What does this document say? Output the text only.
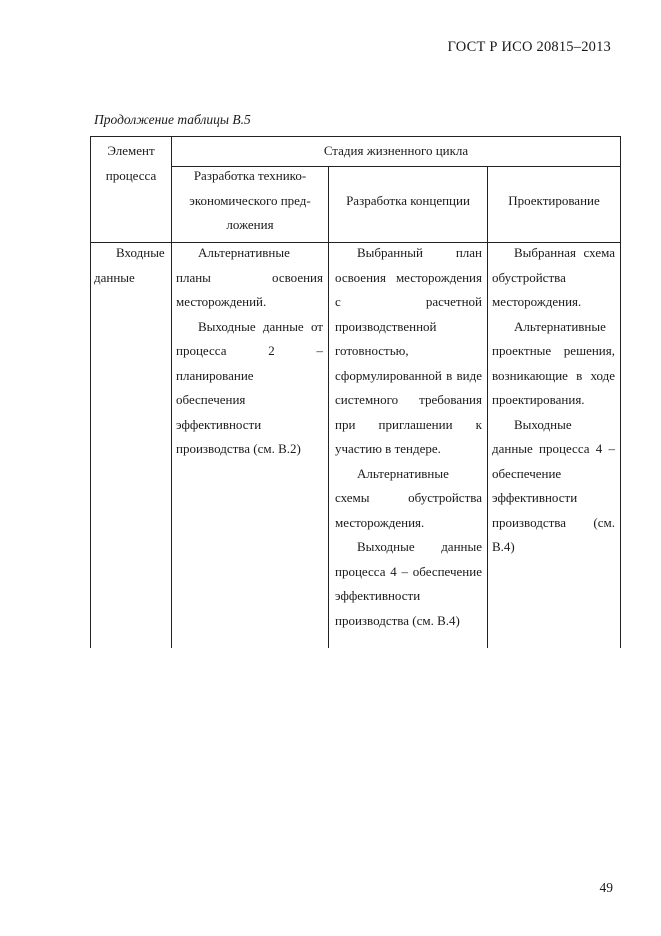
ГОСТ Р ИСО 20815–2013
Продолжение таблицы В.5
Элемент
процесса
Стадия жизненного цикла
Разработка технико-
экономического пред-
ложения
Разработка концепции	Проектирование

Входные данные

Альтернативные планы освоения месторождений.

Выходные данные от процесса 2 – планирование обеспечения эффективности производства (см. В.2)

Выбранный план освоения месторождения с расчетной производственной готовностью, сформулированной в виде системного требования при приглашении к участию в тендере.

Альтернативные схемы обустройства месторождения.

Выходные данные процесса 4 – обеспечение эффективности производства (см. В.4)

Выбранная схема обустройства месторождения.

Альтернативные проектные решения, возникающие в ходе проектирования.

Выходные данные процесса 4 – обеспечение эффективности производства (см. В.4)

49
